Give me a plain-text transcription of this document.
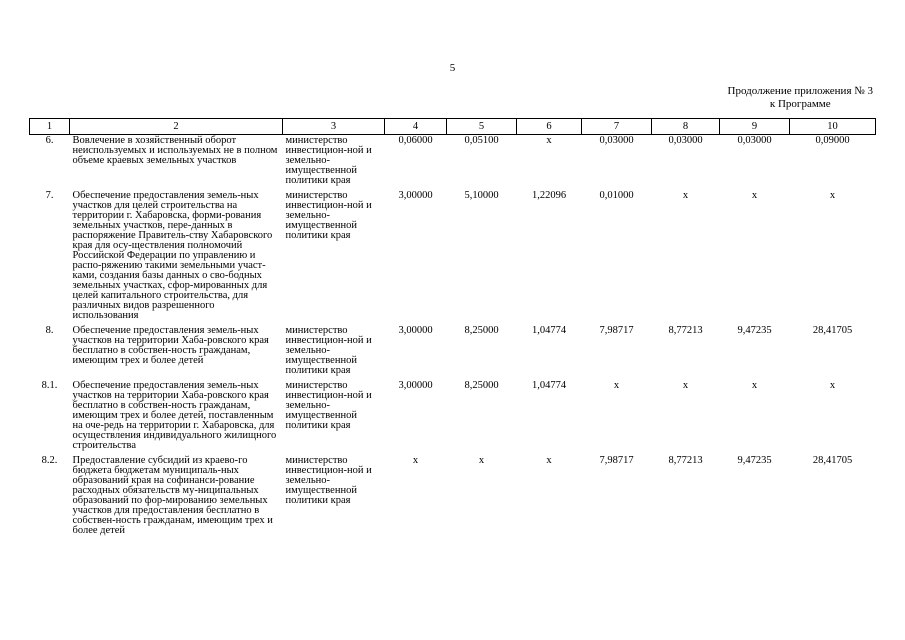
5
Продолжение приложения № 3
к Программе
1	2	3	4	5	6	7	8	9	10
6.	Вовлечение в хозяйственный оборот неиспользуемых и используемых не в полном объеме краевых земельных участков	министерство инвестицион-ной и земельно-имущественной политики края	0,06000	0,05100	х	0,03000	0,03000	0,03000	0,09000
7.	Обеспечение предоставления земель-ных участков для целей строительства на территории г. Хабаровска, форми-рования земельных участков, пере-данных в распоряжение Правитель-ству Хабаровского края для осу-ществления полномочий Российской Федерации по управлению и распо-ряжению такими земельными участ-ками, создания базы данных о сво-бодных земельных участках, сфор-мированных для целей капитального строительства, для различных видов разрешенного использования	министерство инвестицион-ной и земельно-имущественной политики края	3,00000	5,10000	1,22096	0,01000	х	х	х
8.	Обеспечение предоставления земель-ных участков на территории Хаба-ровского края бесплатно в собствен-ность гражданам, имеющим трех и более детей	министерство инвестицион-ной и земельно-имущественной политики края	3,00000	8,25000	1,04774	7,98717	8,77213	9,47235	28,41705
8.1.	Обеспечение предоставления земель-ных участков на территории Хаба-ровского края бесплатно в собствен-ность гражданам, имеющим трех и более детей, поставленным на оче-редь на территории г. Хабаровска, для осуществления индивидуального жилищного строительства	министерство инвестицион-ной и земельно-имущественной политики края	3,00000	8,25000	1,04774	х	х	х	х
8.2.	Предоставление субсидий из краево-го бюджета бюджетам муниципаль-ных образований края на софинанси-рование расходных обязательств му-ниципальных образований по фор-мированию земельных участков для предоставления бесплатно в собствен-ность гражданам, имеющим трех и более детей	министерство инвестицион-ной и земельно-имущественной политики края	х	х	х	7,98717	8,77213	9,47235	28,41705
